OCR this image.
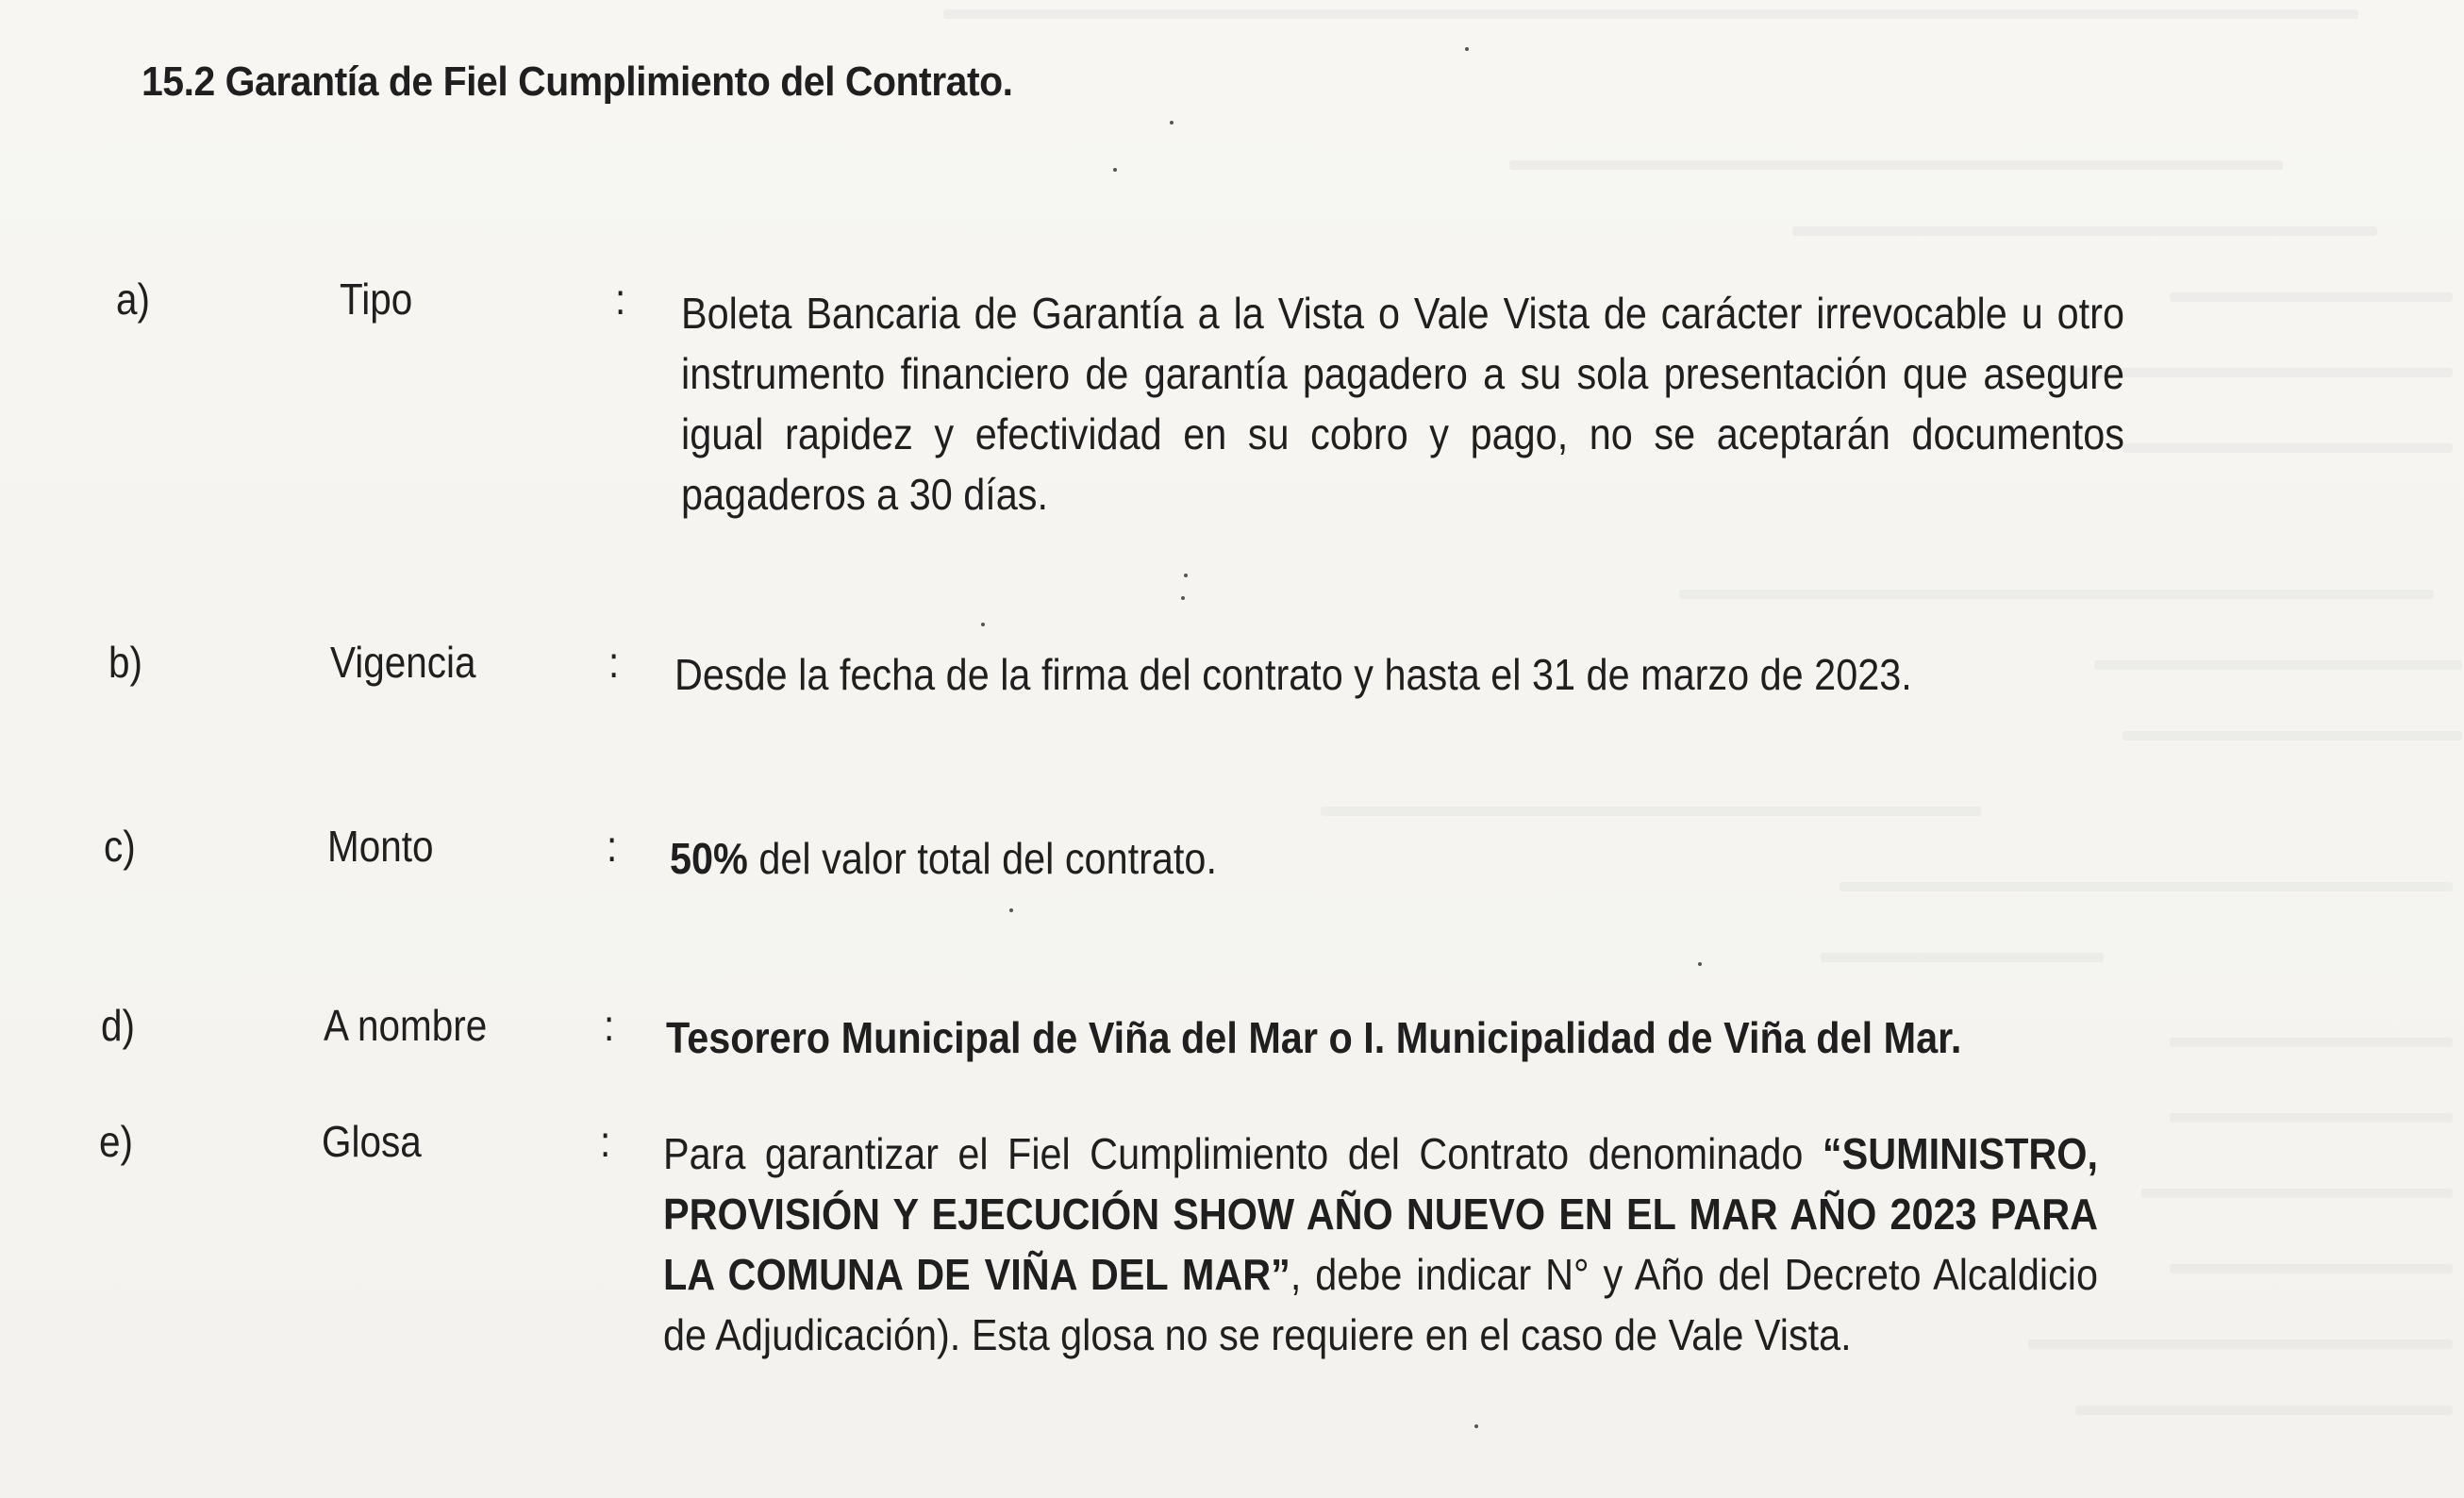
15.2 Garantía de Fiel Cumplimiento del Contrato.
a)	Tipo	: Boleta Bancaria de Garantía a la Vista o Vale Vista de carácter irrevocable u otro instrumento financiero de garantía pagadero a su sola presentación que asegure igual rapidez y efectividad en su cobro y pago, no se aceptarán documentos pagaderos a 30 días.
b)	Vigencia	: Desde la fecha de la firma del contrato y hasta el 31 de marzo de 2023.
c)	Monto	: 50% del valor total del contrato.
d)	A nombre	: Tesorero Municipal de Viña del Mar o I. Municipalidad de Viña del Mar.
e)	Glosa	: Para garantizar el Fiel Cumplimiento del Contrato denominado “SUMINISTRO, PROVISIÓN Y EJECUCIÓN SHOW AÑO NUEVO EN EL MAR AÑO 2023 PARA LA COMUNA DE VIÑA DEL MAR”, debe indicar N° y Año del Decreto Alcaldicio de Adjudicación). Esta glosa no se requiere en el caso de Vale Vista.
